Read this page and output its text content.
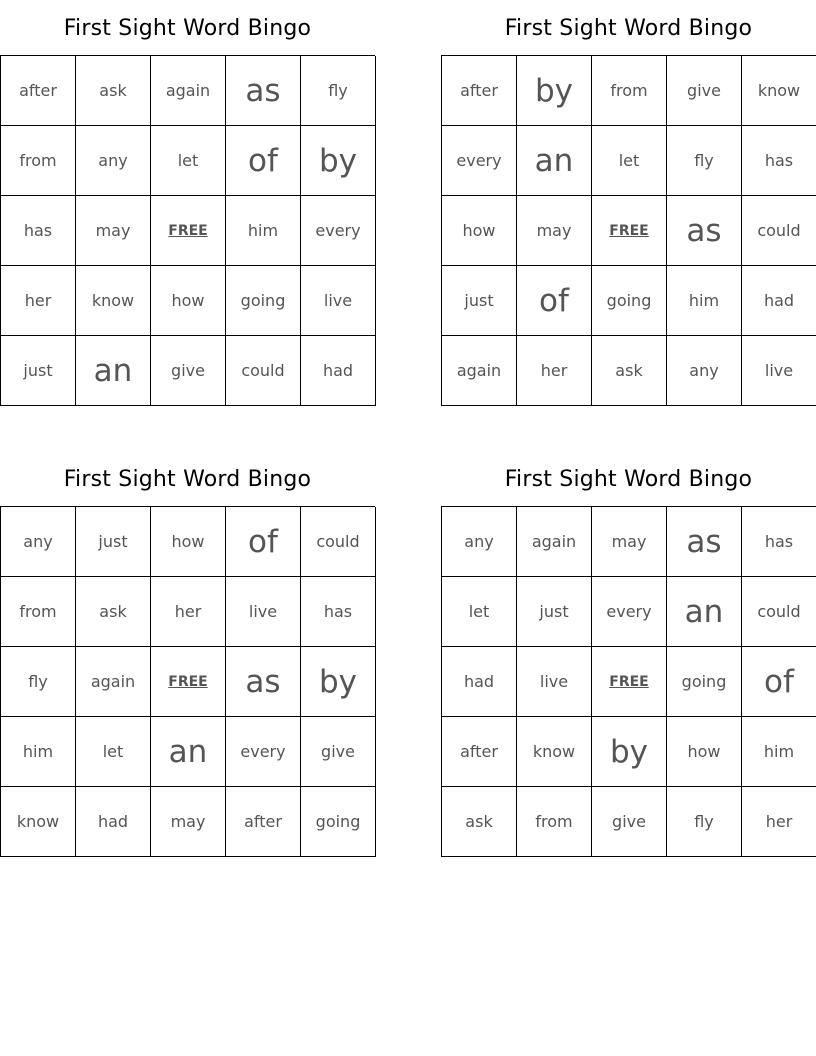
First Sight Word Bingo
after	ask	again	as	fly
from	any	let	of	by
has	may	FREE	him	every
her	know	how	going	live
just	an	give	could	had
First Sight Word Bingo
after	by	from	give	know
every	an	let	fly	has
how	may	FREE	as	could
just	of	going	him	had
again	her	ask	any	live
First Sight Word Bingo
any	just	how	of	could
from	ask	her	live	has
fly	again	FREE	as	by
him	let	an	every	give
know	had	may	after	going
First Sight Word Bingo
any	again	may	as	has
let	just	every	an	could
had	live	FREE	going	of
after	know	by	how	him
ask	from	give	fly	her
